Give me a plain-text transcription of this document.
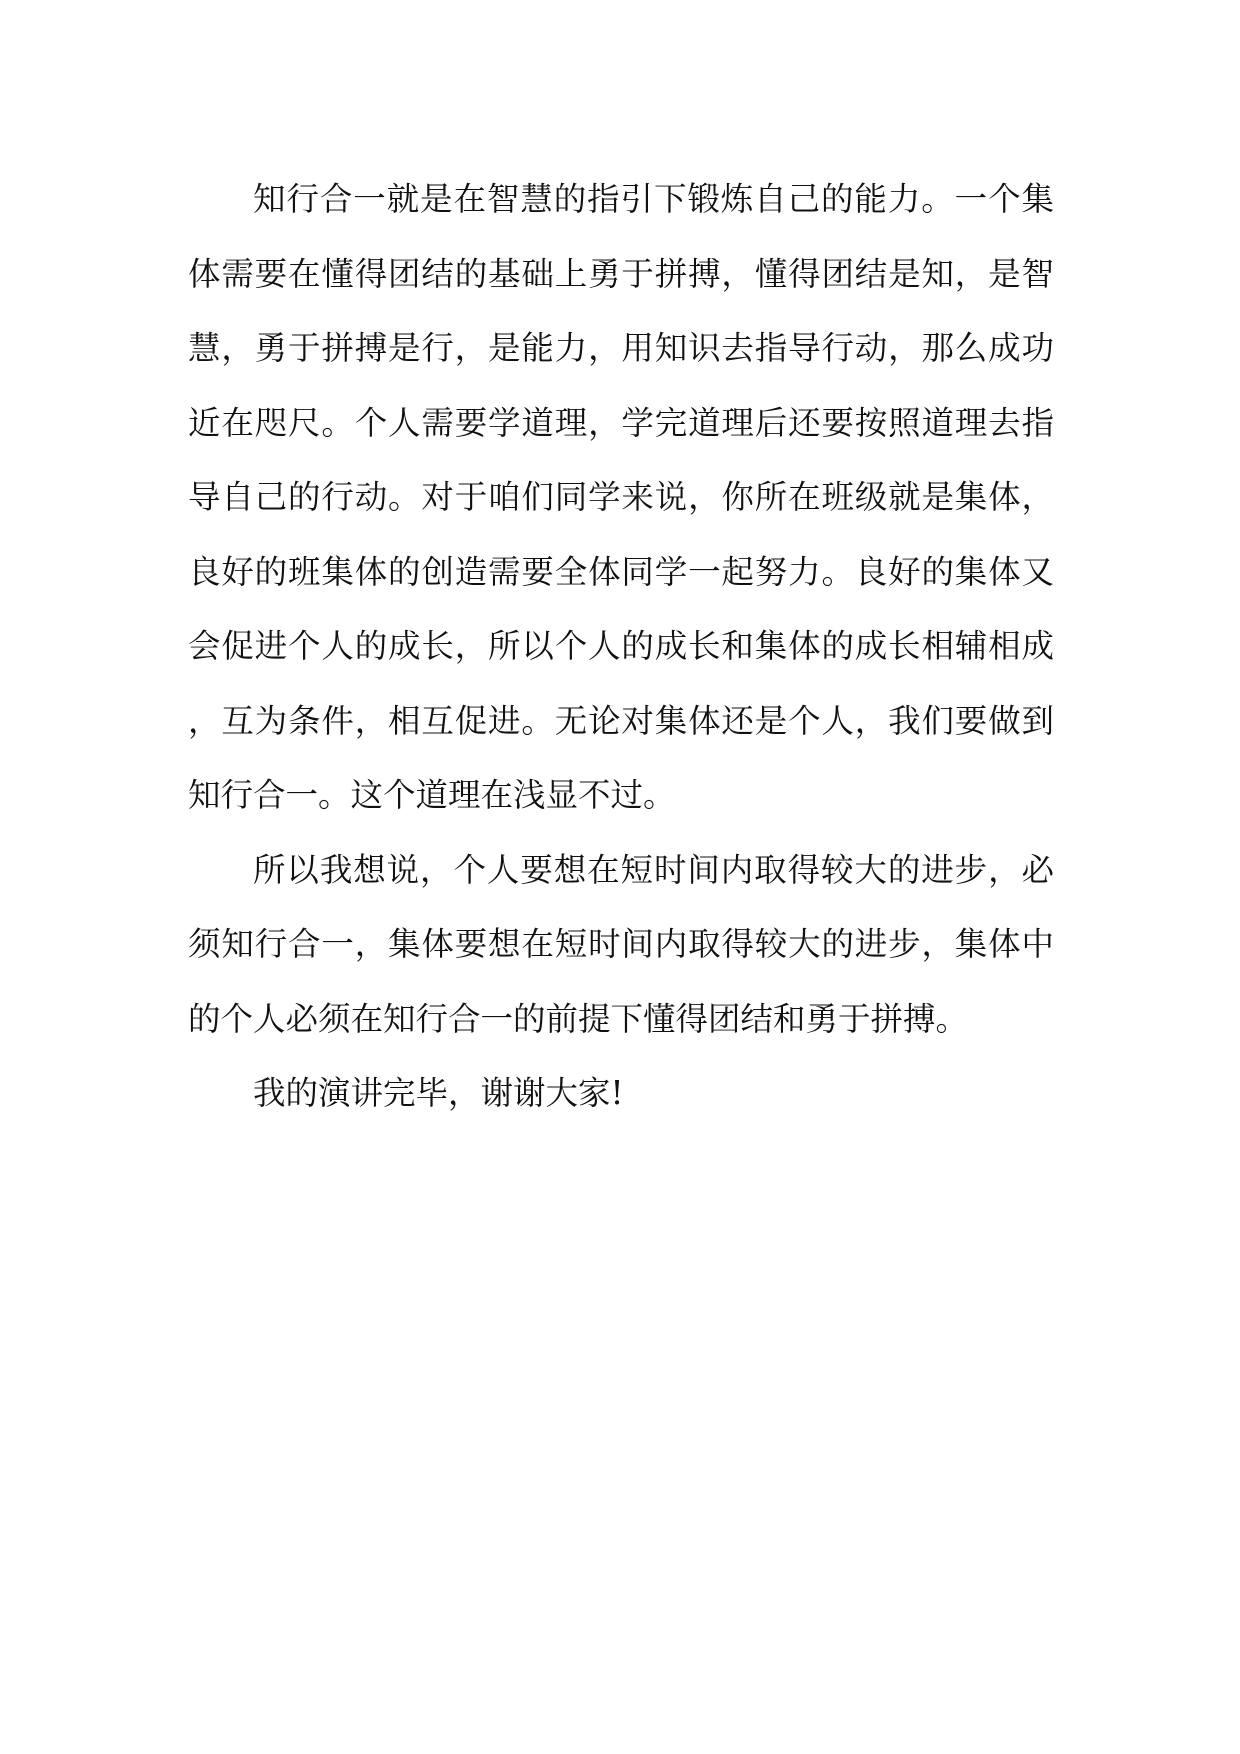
知行合一就是在智慧的指引下锻炼自己的能力。一个集体需要在懂得团结的基础上勇于拼搏，懂得团结是知，是智慧，勇于拼搏是行，是能力，用知识去指导行动，那么成功近在咫尺。个人需要学道理，学完道理后还要按照道理去指导自己的行动。对于咱们同学来说，你所在班级就是集体，良好的班集体的创造需要全体同学一起努力。良好的集体又会促进个人的成长，所以个人的成长和集体的成长相辅相成，互为条件，相互促进。无论对集体还是个人，我们要做到知行合一。这个道理在浅显不过。

所以我想说，个人要想在短时间内取得较大的进步，必须知行合一，集体要想在短时间内取得较大的进步，集体中的个人必须在知行合一的前提下懂得团结和勇于拼搏。

我的演讲完毕，谢谢大家!
